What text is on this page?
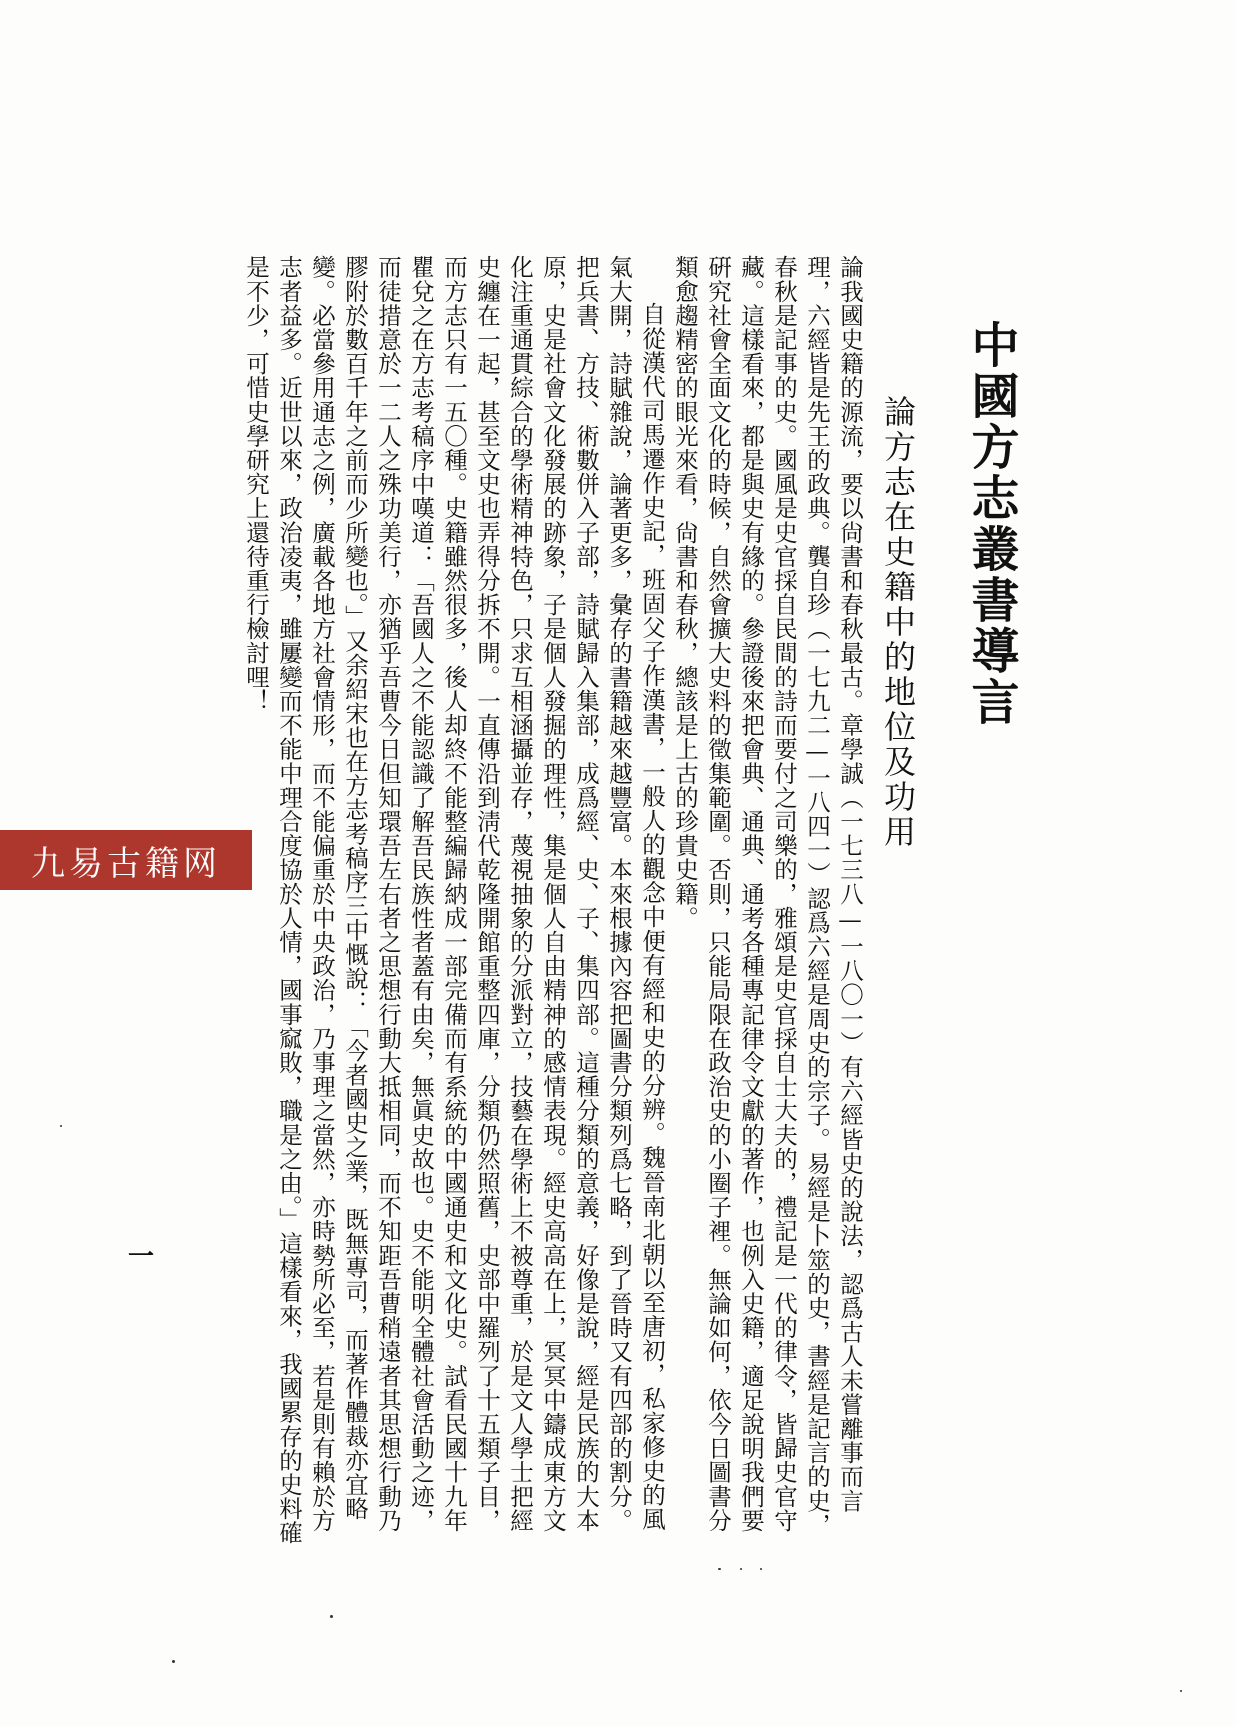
中國方志叢書導言
論方志在史籍中的地位及功用

論我國史籍的源流，要以尙書和春秋最古。章學誠（一七三八—一八〇一）有六經皆史的說法，認爲古人未嘗離事而言理，六經皆是先王的政典。龔自珍（一七九二—一八四一）認爲六經是周史的宗子。易經是卜筮的史，書經是記言的史，春秋是記事的史。國風是史官採自民間的詩而要付之司樂的，雅頌是史官採自士大夫的，禮記是一代的律令，皆歸史官守藏。這樣看來，都是與史有緣的。參證後來把會典、通典、通考各種專記律令文獻的著作，也例入史籍，適足說明我們要硏究社會全面文化的時候，自然會擴大史料的徵集範圍。否則，只能局限在政治史的小圈子裡。無論如何，依今日圖書分類愈趨精密的眼光來看，尙書和春秋，總該是上古的珍貴史籍。

自從漢代司馬遷作史記，班固父子作漢書，一般人的觀念中便有經和史的分辨。魏晉南北朝以至唐初，私家修史的風氣大開，詩賦雜說，論著更多，彙存的書籍越來越豐富。本來根據內容把圖書分類列爲七略，到了晉時又有四部的割分。把兵書、方技、術數併入子部，詩賦歸入集部，成爲經、史、子、集四部。這種分類的意義，好像是說，經是民族的大本原，史是社會文化發展的跡象，子是個人發掘的理性，集是個人自由精神的感情表現。經史高高在上，冥冥中鑄成東方文化注重通貫綜合的學術精神特色，只求互相涵攝並存，蔑視抽象的分派對立，技藝在學術上不被尊重，於是文人學士把經史纏在一起，甚至文史也弄得分拆不開。一直傳沿到淸代乾隆開館重整四庫，分類仍然照舊，史部中羅列了十五類子目，而方志只有一五〇種。史籍雖然很多，後人却終不能整編歸納成一部完備而有系統的中國通史和文化史。試看民國十九年瞿兌之在方志考稿序中嘆道：「吾國人之不能認識了解吾民族性者蓋有由矣，無眞史故也。史不能明全體社會活動之迹，而徒措意於一二人之殊功美行，亦猶乎吾曹今日但知環吾左右者之思想行動大抵相同，而不知距吾曹稍遠者其思想行動乃膠附於數百千年之前而少所變也。」又余紹宋也在方志考稿序三中慨說：「今者國史之業，既無專司，而著作體裁亦宜略變。必當參用通志之例，廣載各地方社會情形，而不能偏重於中央政治，乃事理之當然，亦時勢所必至，若是則有賴於方志者益多。近世以來，政治凌夷，雖屢變而不能中理合度協於人情，國事窳敗，職是之由。」這樣看來，我國累存的史料確是不少，可惜史學研究上還待重行檢討哩！

一
九易古籍网
